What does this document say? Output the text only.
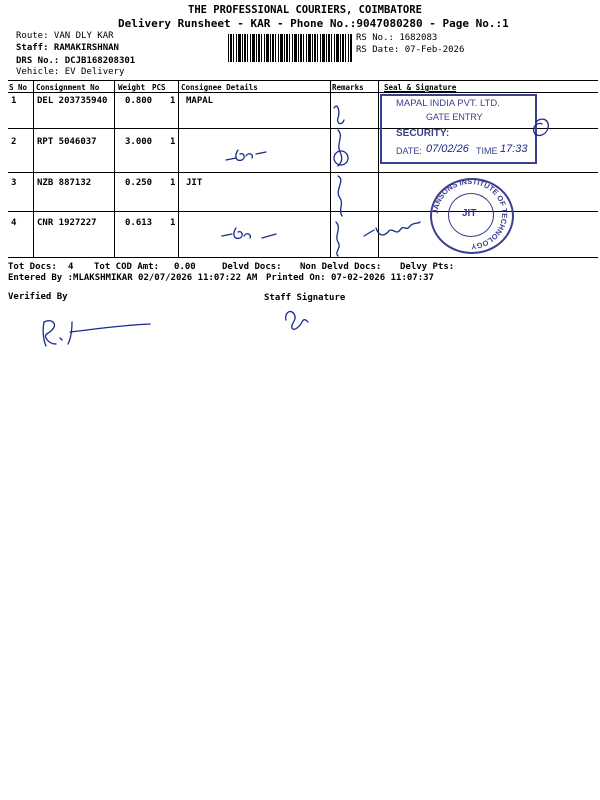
THE PROFESSIONAL COURIERS, COIMBATORE
Delivery Runsheet - KAR - Phone No.:9047080280 - Page No.:1
Route: VAN DLY KAR
Staff: RAMAKIRSHNAN
DRS No.: DCJB168208301
Vehicle: EV Delivery
RS No.: 1682083
RS Date: 07-Feb-2026
S No Consignment No	Weight PCS Consignee Details	Remarks	Seal & Signature
1 DEL 203735940 0.800 1 MAPAL
2 RPT 5046037	3.000 1
3 NZB 887132	0.250 1 JIT
4 CNR 1927227	0.613 1
MAPAL INDIA PVT. LTD.
GATE ENTRY
SECURITY:
DATE: 07/02/26 TIME 17:33
JANSONS INSTITUTE OF TECHNOLOGY
JIT
Tot Docs: 4 Tot COD Amt: 0.00	Delvd Docs: Non Delvd Docs: Delvy Pts:
Entered By :MLAKSHMIKAR 02/07/2026 11:07:22 AM Printed On: 07-02-2026 11:07:37
Verified By	Staff Signature
